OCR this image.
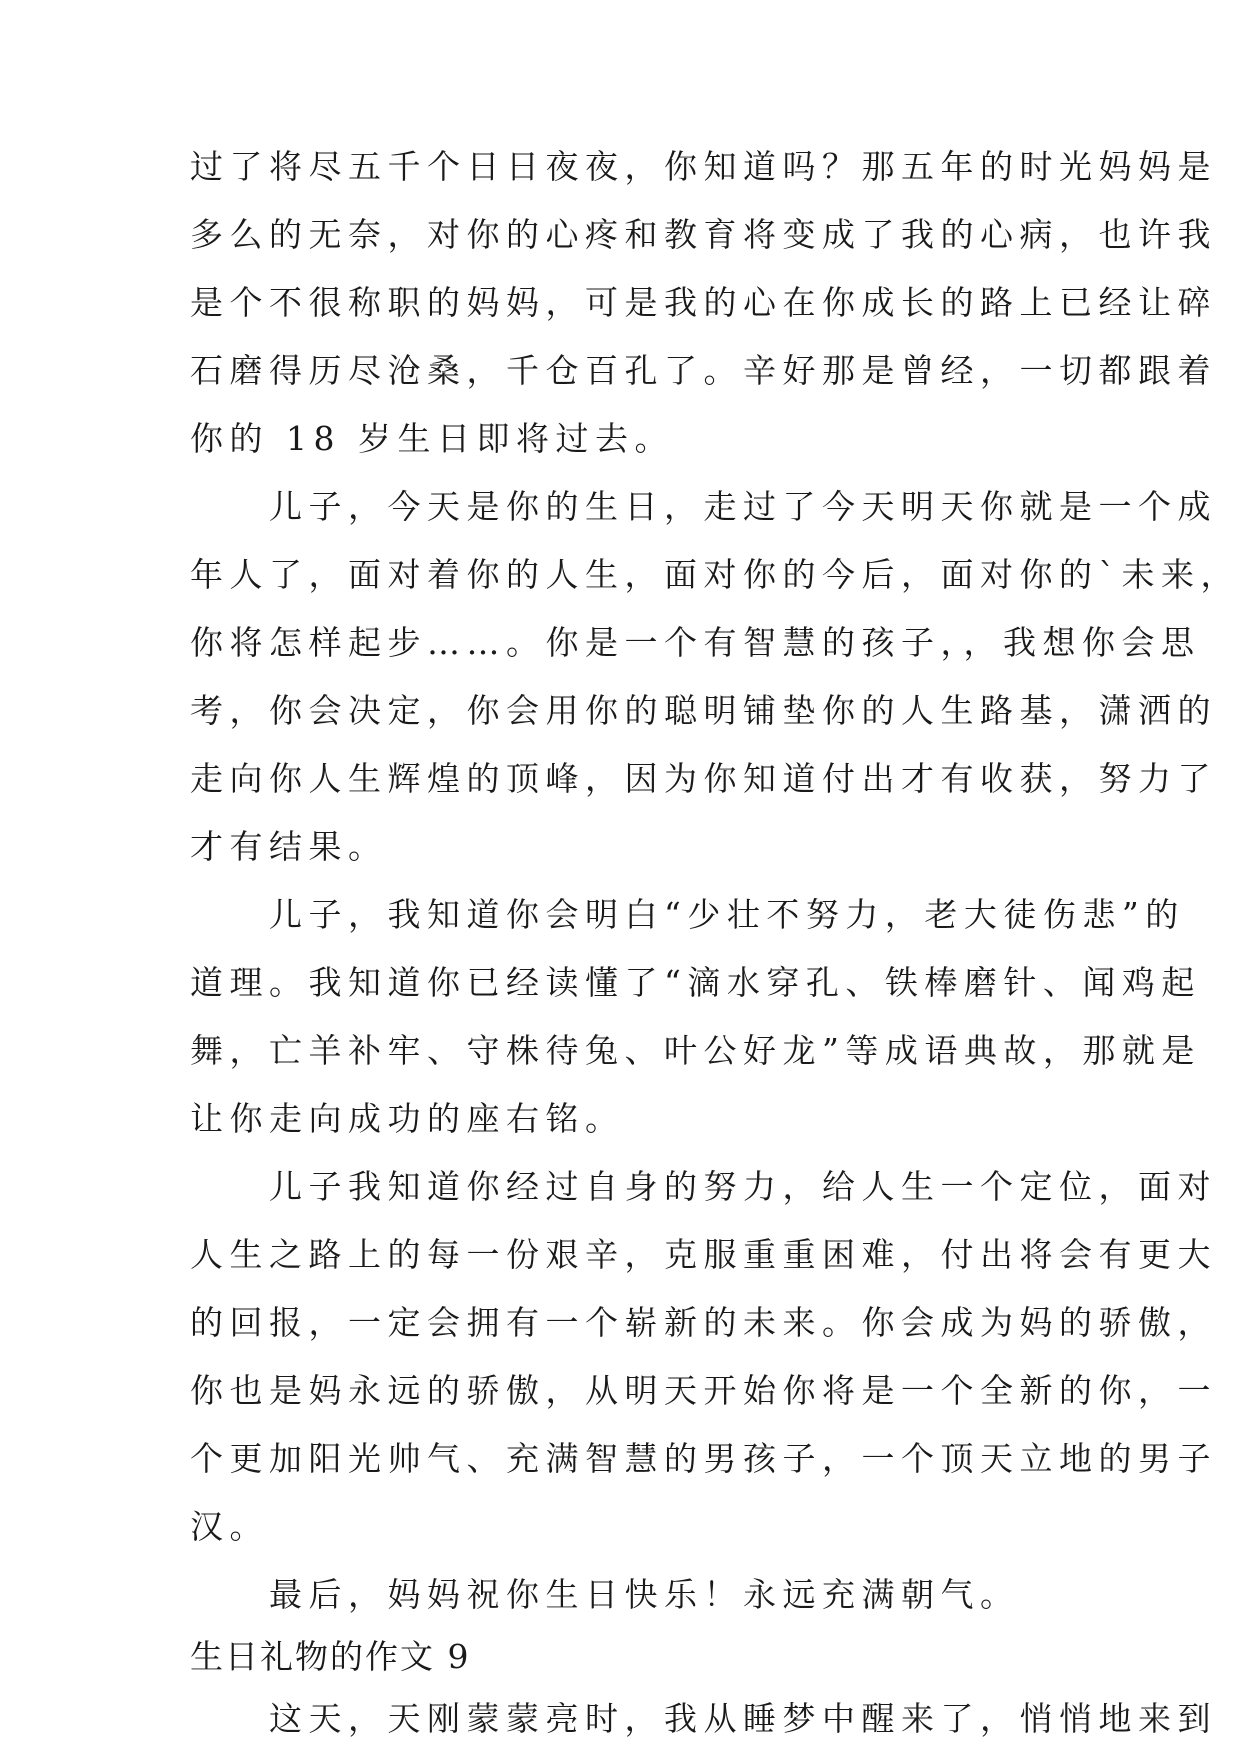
过了将尽五千个日日夜夜，你知道吗？那五年的时光妈妈是
多么的无奈，对你的心疼和教育将变成了我的心病，也许我
是个不很称职的妈妈，可是我的心在你成长的路上已经让碎
石磨得历尽沧桑，千仓百孔了。辛好那是曾经，一切都跟着
你的 18 岁生日即将过去。
　　儿子，今天是你的生日，走过了今天明天你就是一个成
年人了，面对着你的人生，面对你的今后，面对你的`未来，
你将怎样起步……。你是一个有智慧的孩子，，我想你会思
考，你会决定，你会用你的聪明铺垫你的人生路基，潇洒的
走向你人生辉煌的顶峰，因为你知道付出才有收获，努力了
才有结果。
　　儿子，我知道你会明白“少壮不努力，老大徒伤悲”的
道理。我知道你已经读懂了“滴水穿孔、铁棒磨针、闻鸡起
舞，亡羊补牢、守株待兔、叶公好龙”等成语典故，那就是
让你走向成功的座右铭。
　　儿子我知道你经过自身的努力，给人生一个定位，面对
人生之路上的每一份艰辛，克服重重困难，付出将会有更大
的回报，一定会拥有一个崭新的未来。你会成为妈的骄傲，
你也是妈永远的骄傲，从明天开始你将是一个全新的你，一
个更加阳光帅气、充满智慧的男孩子，一个顶天立地的男子
汉。
　　最后，妈妈祝你生日快乐！永远充满朝气。
生日礼物的作文 9
　　这天，天刚蒙蒙亮时，我从睡梦中醒来了，悄悄地来到
